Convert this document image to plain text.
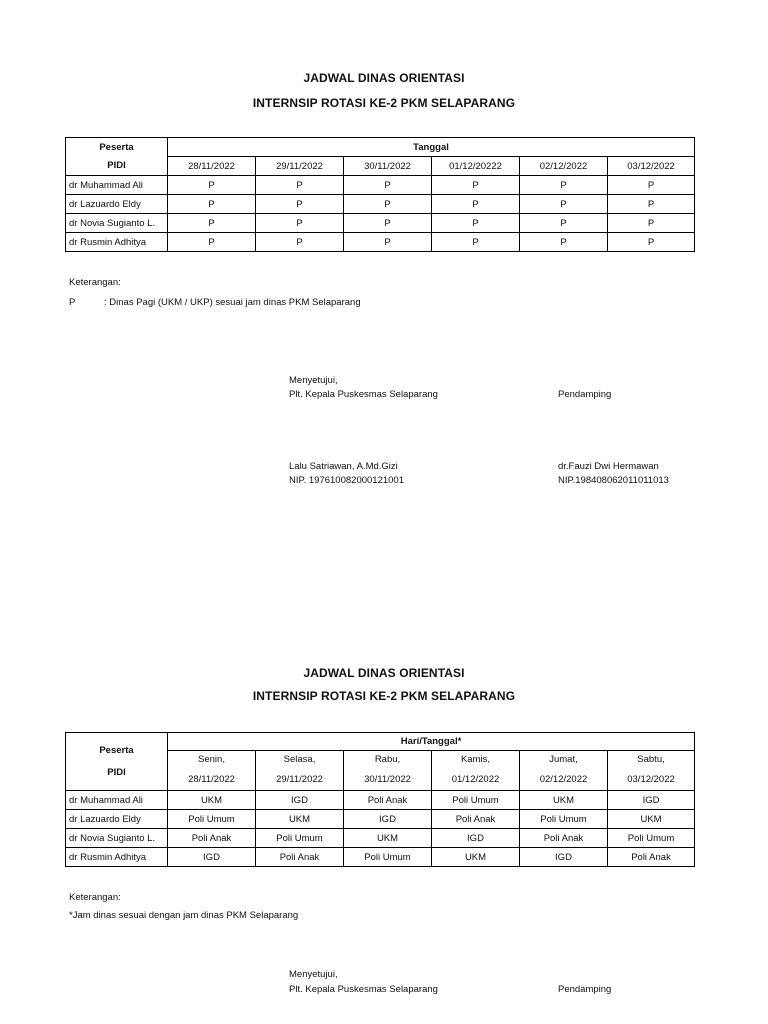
JADWAL DINAS ORIENTASI
INTERNSIP ROTASI KE-2 PKM SELAPARANG
Peserta	Tanggal					
PIDI	28/11/2022	29/11/2022	30/11/2022	01/12/20222	02/12/2022	03/12/2022
dr Muhammad Ali	P	P	P	P	P	P
dr Lazuardo Eldy	P	P	P	P	P	P
dr Novia Sugianto L.	P	P	P	P	P	P
dr Rusmin Adhitya	P	P	P	P	P	P
Keterangan:
P	: Dinas Pagi (UKM / UKP) sesuai jam dinas PKM Selaparang
Menyetujui,
Plt. Kepala Puskesmas Selaparang	Pendamping
Lalu Satriawan, A.Md.Gizi
NIP. 197610082000121001
dr.Fauzi Dwi Hermawan
NIP.198408062011011013
JADWAL DINAS ORIENTASI
INTERNSIP ROTASI KE-2 PKM SELAPARANG
Peserta
PIDI	Hari/Tanggal*					
	Senin,	Selasa,	Rabu,	Kamis,	Jumat,	Sabtu,
	28/11/2022	29/11/2022	30/11/2022	01/12/2022	02/12/2022	03/12/2022
dr Muhammad Ali	UKM	IGD	Poli Anak	Poli Umum	UKM	IGD
dr Lazuardo Eldy	Poli Umum	UKM	IGD	Poli Anak	Poli Umum	UKM
dr Novia Sugianto L.	Poli Anak	Poli Umum	UKM	IGD	Poli Anak	Poli Umum
dr Rusmin Adhitya	IGD	Poli Anak	Poli Umum	UKM	IGD	Poli Anak
Keterangan:
*Jam dinas sesuai dengan jam dinas PKM Selaparang
Menyetujui,
Plt. Kepala Puskesmas Selaparang	Pendamping
